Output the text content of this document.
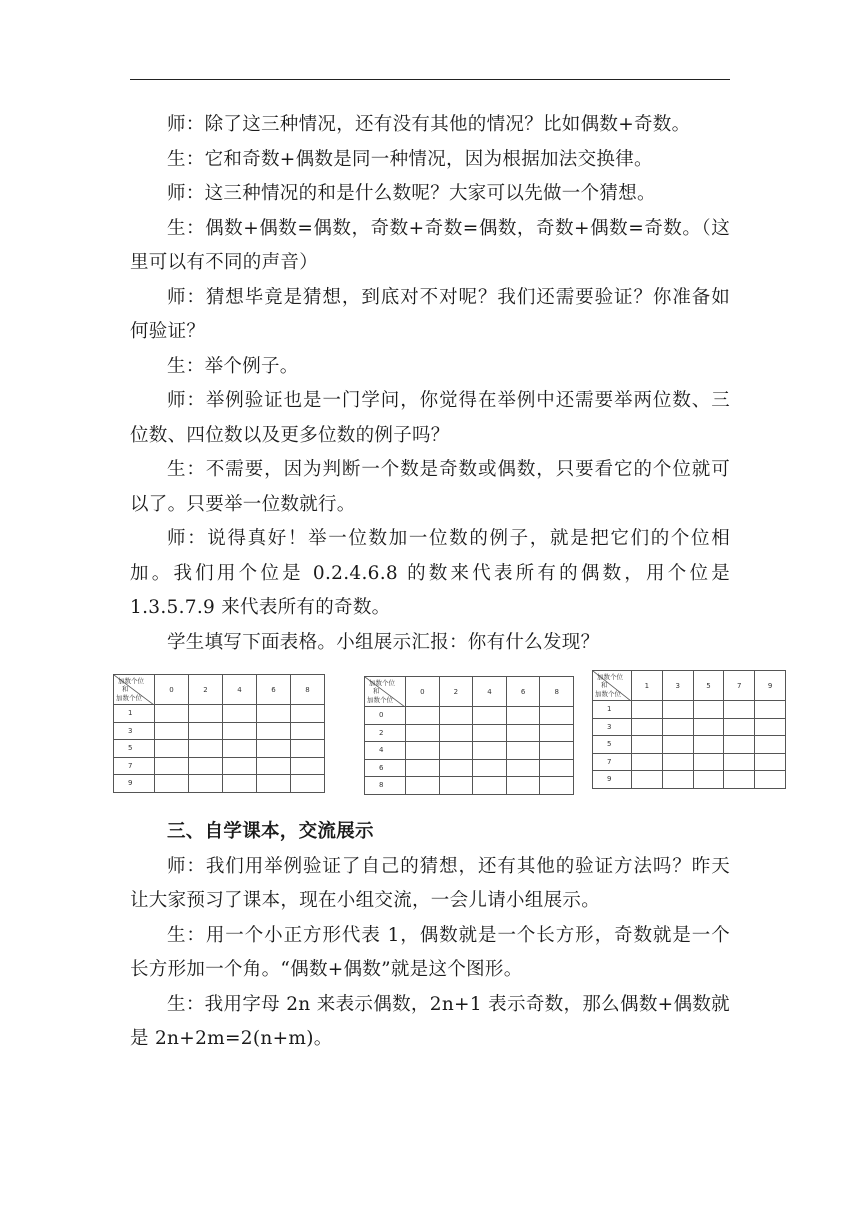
师：除了这三种情况，还有没有其他的情况？比如偶数+奇数。

生：它和奇数+偶数是同一种情况，因为根据加法交换律。

师：这三种情况的和是什么数呢？大家可以先做一个猜想。

生：偶数+偶数=偶数，奇数+奇数=偶数，奇数+偶数=奇数。（这里可以有不同的声音）

师：猜想毕竟是猜想，到底对不对呢？我们还需要验证？你准备如何验证？

生：举个例子。

师：举例验证也是一门学问，你觉得在举例中还需要举两位数、三位数、四位数以及更多位数的例子吗？

生：不需要，因为判断一个数是奇数或偶数，只要看它的个位就可以了。只要举一位数就行。

师：说得真好！举一位数加一位数的例子，就是把它们的个位相加。我们用个位是 0.2.4.6.8 的数来代表所有的偶数，用个位是1.3.5.7.9 来代表所有的奇数。

学生填写下面表格。小组展示汇报：你有什么发现？

加数个位
和
加数个位	0	2	4	6	8
1					
3					
5					
7					
9					
加数个位
和
加数个位	0	2	4	6	8
0					
2					
4					
6					
8					
加数个位
和
加数个位	1	3	5	7	9
1					
3					
5					
7					
9					

三、自学课本，交流展示

师：我们用举例验证了自己的猜想，还有其他的验证方法吗？昨天让大家预习了课本，现在小组交流，一会儿请小组展示。

生：用一个小正方形代表 1，偶数就是一个长方形，奇数就是一个长方形加一个角。“偶数+偶数”就是这个图形。

生：我用字母 2n 来表示偶数，2n+1 表示奇数，那么偶数+偶数就是 2n+2m=2(n+m)。
